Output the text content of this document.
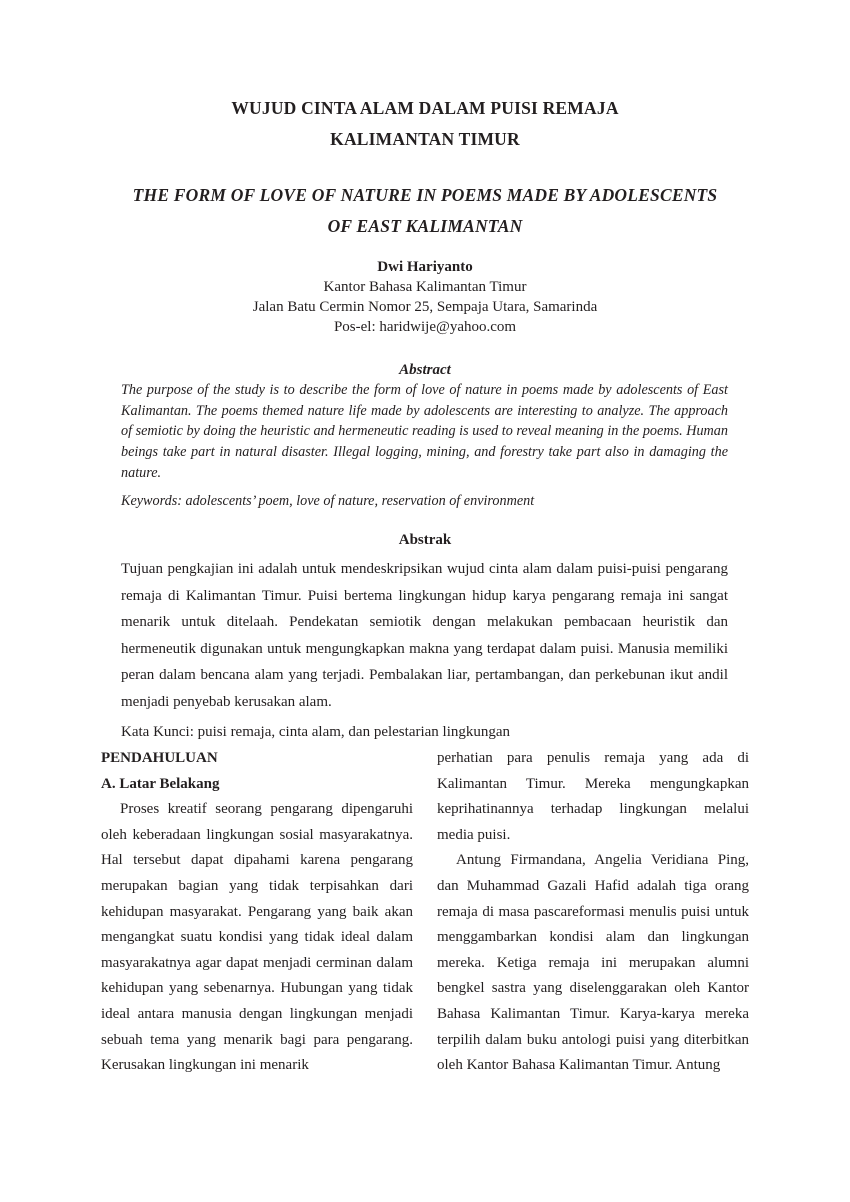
WUJUD CINTA ALAM DALAM PUISI REMAJA
KALIMANTAN TIMUR
THE FORM OF LOVE OF NATURE IN POEMS MADE BY ADOLESCENTS
OF EAST KALIMANTAN
Dwi Hariyanto
Kantor Bahasa Kalimantan Timur
Jalan Batu Cermin Nomor 25, Sempaja Utara, Samarinda
Pos-el: haridwije@yahoo.com
Abstract

The purpose of the study is to describe the form of love of nature in poems made by adolescents of East Kalimantan. The poems themed nature life made by adolescents are interesting to analyze. The approach of semiotic by doing the heuristic and hermeneutic reading is used to reveal meaning in the poems. Human beings take part in natural disaster. Illegal logging, mining, and forestry take part also in damaging the nature.

Keywords: adolescents’ poem, love of nature, reservation of environment

Abstrak

Tujuan pengkajian ini adalah untuk mendeskripsikan wujud cinta alam dalam puisi-puisi pengarang remaja di Kalimantan Timur. Puisi bertema lingkungan hidup karya pengarang remaja ini sangat menarik untuk ditelaah. Pendekatan semiotik dengan melakukan pembacaan heuristik dan hermeneutik digunakan untuk mengungkapkan makna yang terdapat dalam puisi. Manusia memiliki peran dalam bencana alam yang terjadi. Pembalakan liar, pertambangan, dan perkebunan ikut andil menjadi penyebab kerusakan alam.

Kata Kunci: puisi remaja, cinta alam, dan pelestarian lingkungan

PENDAHULUAN

A. Latar Belakang

Proses kreatif seorang pengarang dipengaruhi oleh keberadaan lingkungan sosial masyarakatnya. Hal tersebut dapat dipahami karena pengarang merupakan bagian yang tidak terpisahkan dari kehidupan masyarakat. Pengarang yang baik akan mengangkat suatu kondisi yang tidak ideal dalam masyarakatnya agar dapat menjadi cerminan dalam kehidupan yang sebenarnya. Hubungan yang tidak ideal antara manusia dengan lingkungan menjadi sebuah tema yang menarik bagi para pengarang. Kerusakan lingkungan ini menarik

perhatian para penulis remaja yang ada di Kalimantan Timur. Mereka mengungkapkan keprihatinannya terhadap lingkungan melalui media puisi.

Antung Firmandana, Angelia Veridiana Ping, dan Muhammad Gazali Hafid adalah tiga orang remaja di masa pascareformasi menulis puisi untuk menggambarkan kondisi alam dan lingkungan mereka. Ketiga remaja ini merupakan alumni bengkel sastra yang diselenggarakan oleh Kantor Bahasa Kalimantan Timur. Karya-karya mereka terpilih dalam buku antologi puisi yang diterbitkan oleh Kantor Bahasa Kalimantan Timur. Antung
